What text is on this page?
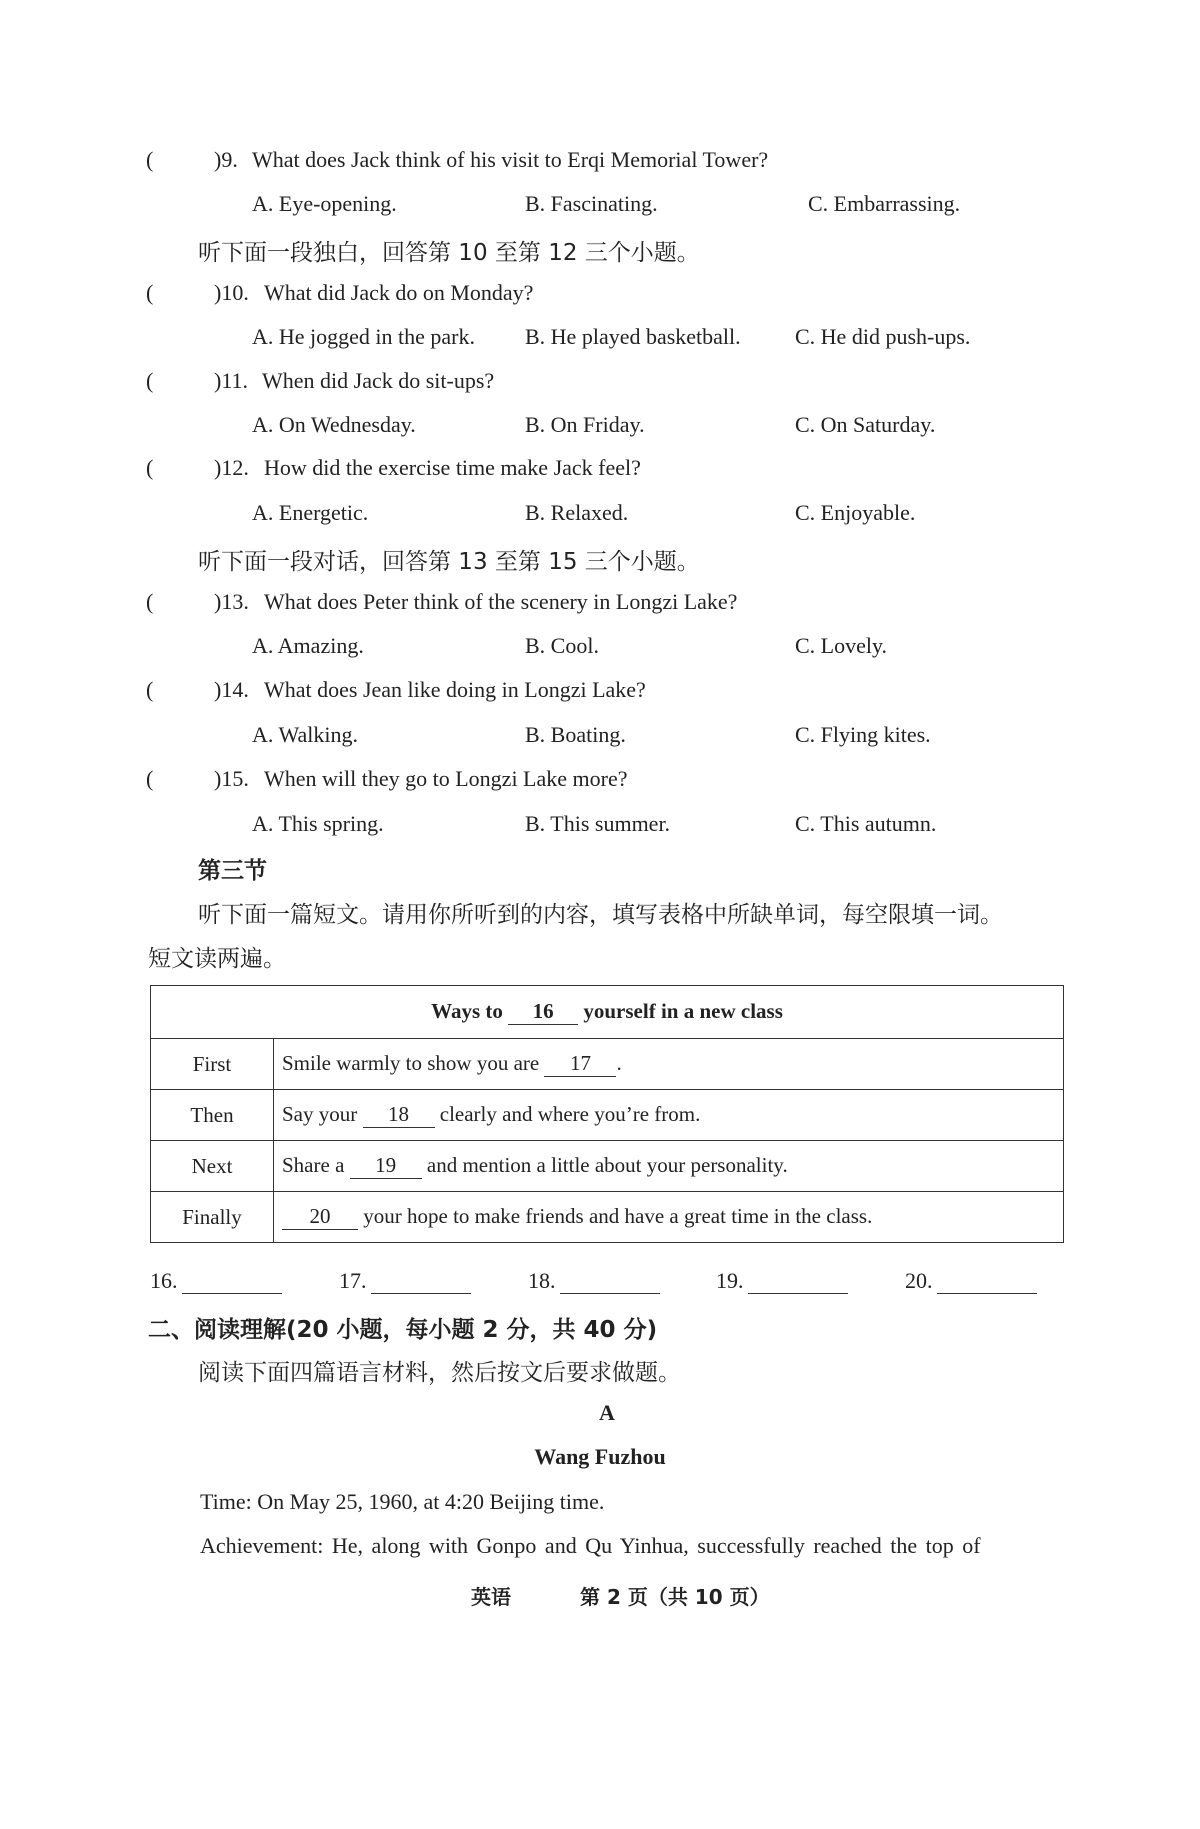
(	)9. What does Jack think of his visit to Erqi Memorial Tower?
A. Eye-opening.	B. Fascinating.	C. Embarrassing.
听下面一段独白，回答第 10 至第 12 三个小题。
(	)10. What did Jack do on Monday?
A. He jogged in the park. B. He played basketball. C. He did push-ups.
(	)11. When did Jack do sit-ups?
A. On Wednesday.	B. On Friday.	C. On Saturday.
(	)12. How did the exercise time make Jack feel?
A. Energetic.	B. Relaxed.	C. Enjoyable.
听下面一段对话，回答第 13 至第 15 三个小题。
(	)13. What does Peter think of the scenery in Longzi Lake?
A. Amazing.	B. Cool.	C. Lovely.
(	)14. What does Jean like doing in Longzi Lake?
A. Walking.	B. Boating.	C. Flying kites.
(	)15. When will they go to Longzi Lake more?
A. This spring.	B. This summer.	C. This autumn.
第三节
听下面一篇短文。请用你所听到的内容，填写表格中所缺单词，每空限填一词。
短文读两遍。
Ways to 16 yourself in a new class	
First	Smile warmly to show you are 17 .
Then	Say your 18 clearly and where you’re from.
Next	Share a 19 and mention a little about your personality.
Finally	20 your hope to make friends and have a great time in the class.
16.	17.	18.	19.	20.
二、阅读理解(20 小题，每小题 2 分，共 40 分)
阅读下面四篇语言材料，然后按文后要求做题。
A
Wang Fuzhou
Time: On May 25, 1960, at 4:20 Beijing time.
Achievement: He, along with Gonpo and Qu Yinhua, successfully reached the top of
英语	第 2 页（共 10 页）
